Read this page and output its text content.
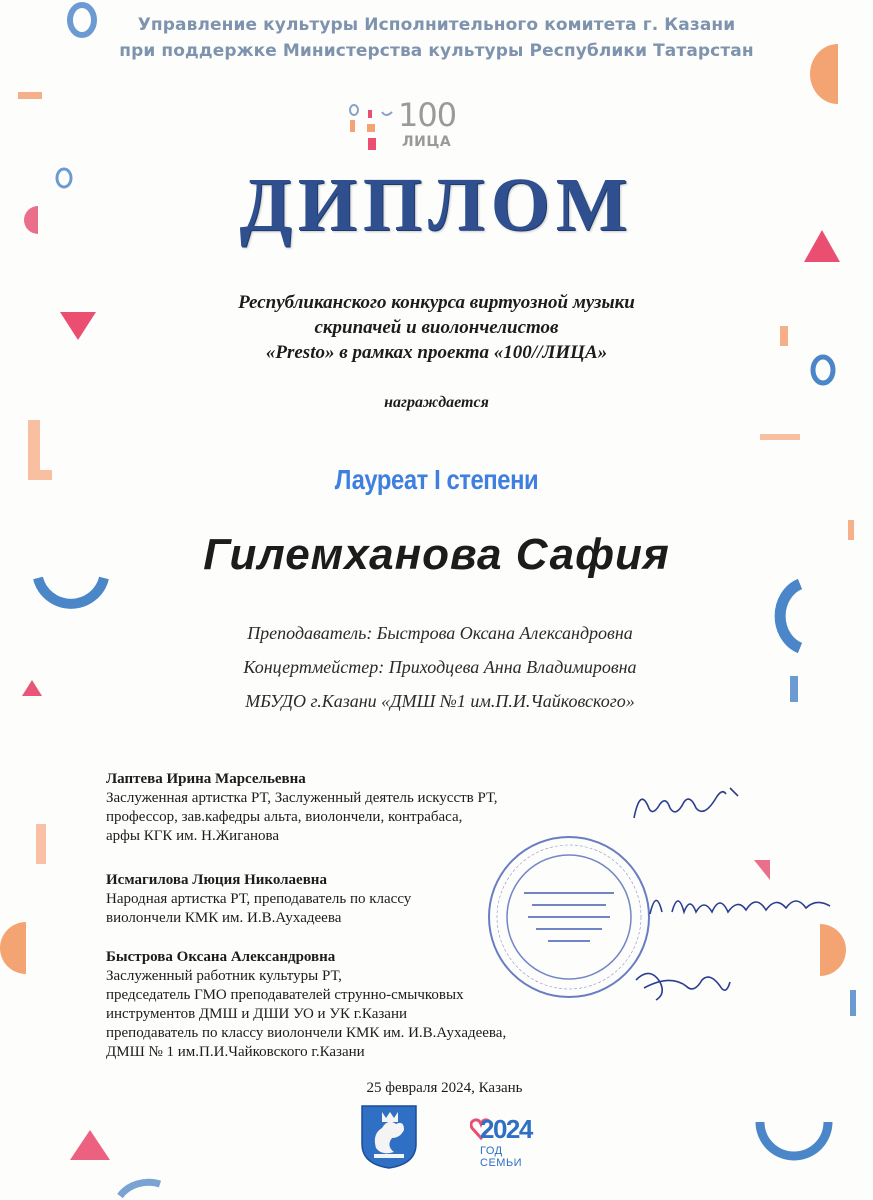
Управление культуры Исполнительного комитета г. Казани
при поддержке Министерства культуры Республики Татарстан
100
ЛИЦА
ДИПЛОМ
Республиканского конкурса виртуозной музыки
скрипачей и виолончелистов
«Presto» в рамках проекта «100//ЛИЦА»
награждается
Лауреат I степени
Гилемханова Сафия
Преподаватель: Быстрова Оксана Александровна
Концертмейстер: Приходцева Анна Владимировна
МБУДО г.Казани «ДМШ №1 им.П.И.Чайковского»
Лаптева Ирина Марсельевна
Заслуженная артистка РТ, Заслуженный деятель искусств РТ,
профессор, зав.кафедры альта, виолончели, контрабаса,
арфы КГК им. Н.Жиганова
Исмагилова Люция Николаевна
Народная артистка РТ, преподаватель по классу
виолончели КМК им. И.В.Аухадеева
Быстрова Оксана Александровна
Заслуженный работник культуры РТ,
председатель ГМО преподавателей струнно-смычковых
инструментов ДМШ и ДШИ УО и УК г.Казани
преподаватель по классу виолончели КМК им. И.В.Аухадеева,
ДМШ № 1 им.П.И.Чайковского г.Казани
25 февраля 2024, Казань
2024
ГОД СЕМЬИ
